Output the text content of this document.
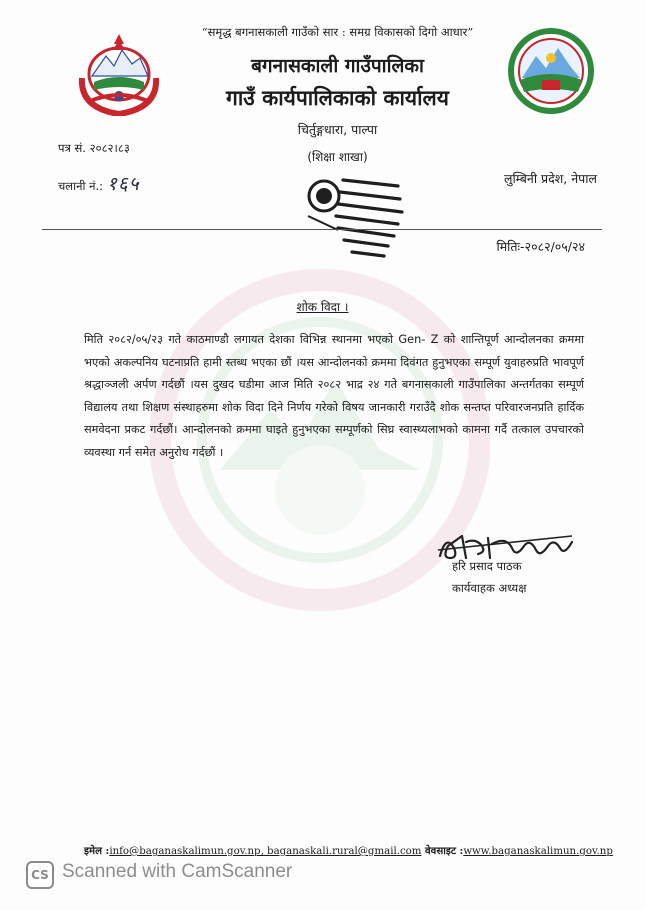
“समृद्ध बगनासकाली गाउँको सार : समग्र विकासको दिगो आधार”
बगनासकाली गाउँपालिका
गाउँ कार्यपालिकाको कार्यालय
चिर्तुङ्गधारा, पाल्पा
(शिक्षा शाखा)
पत्र सं. २०८२।८३
चलानी नं.: १६५	लुम्बिनी प्रदेश, नेपाल
मितिः-२०८२/०५/२४
शोक विदा ।
मिति २०८२/०५/२३ गते काठमाण्डौ लगायत देशका विभिन्न स्थानमा भएको Gen- Z को शान्तिपूर्ण आन्दोलनका क्रममा भएको अकल्पनिय घटनाप्रति हामी स्तब्ध भएका छौं ।यस आन्दोलनको क्रममा दिवंगत हुनुभएका सम्पूर्ण युवाहरुप्रति भावपूर्ण श्रद्धाञ्जली अर्पण गर्दछौं ।यस दुखद घडीमा आज मिति २०८२ भाद्र २४ गते बगनासकाली गाउँपालिका अन्तर्गतका सम्पूर्ण विद्यालय तथा शिक्षण संस्थाहरुमा शोक विदा दिने निर्णय गरेको विषय जानकारी गराउँदै शोक सन्तप्त परिवारजनप्रति हार्दिक समवेदना प्रकट गर्दछौं। आन्दोलनको क्रममा घाइते हुनुभएका सम्पूर्णको सिघ्र स्वास्थ्यलाभको कामना गर्दै तत्काल उपचारको व्यवस्था गर्न समेत अनुरोध गर्दछौं ।
हरि प्रसाद पाठक
कार्यवाहक अध्यक्ष
इमेल :info@baganaskalimun.gov.np, baganaskali.rural@gmail.com वेवसाइट :www.baganaskalimun.gov.np
CS Scanned with CamScanner
